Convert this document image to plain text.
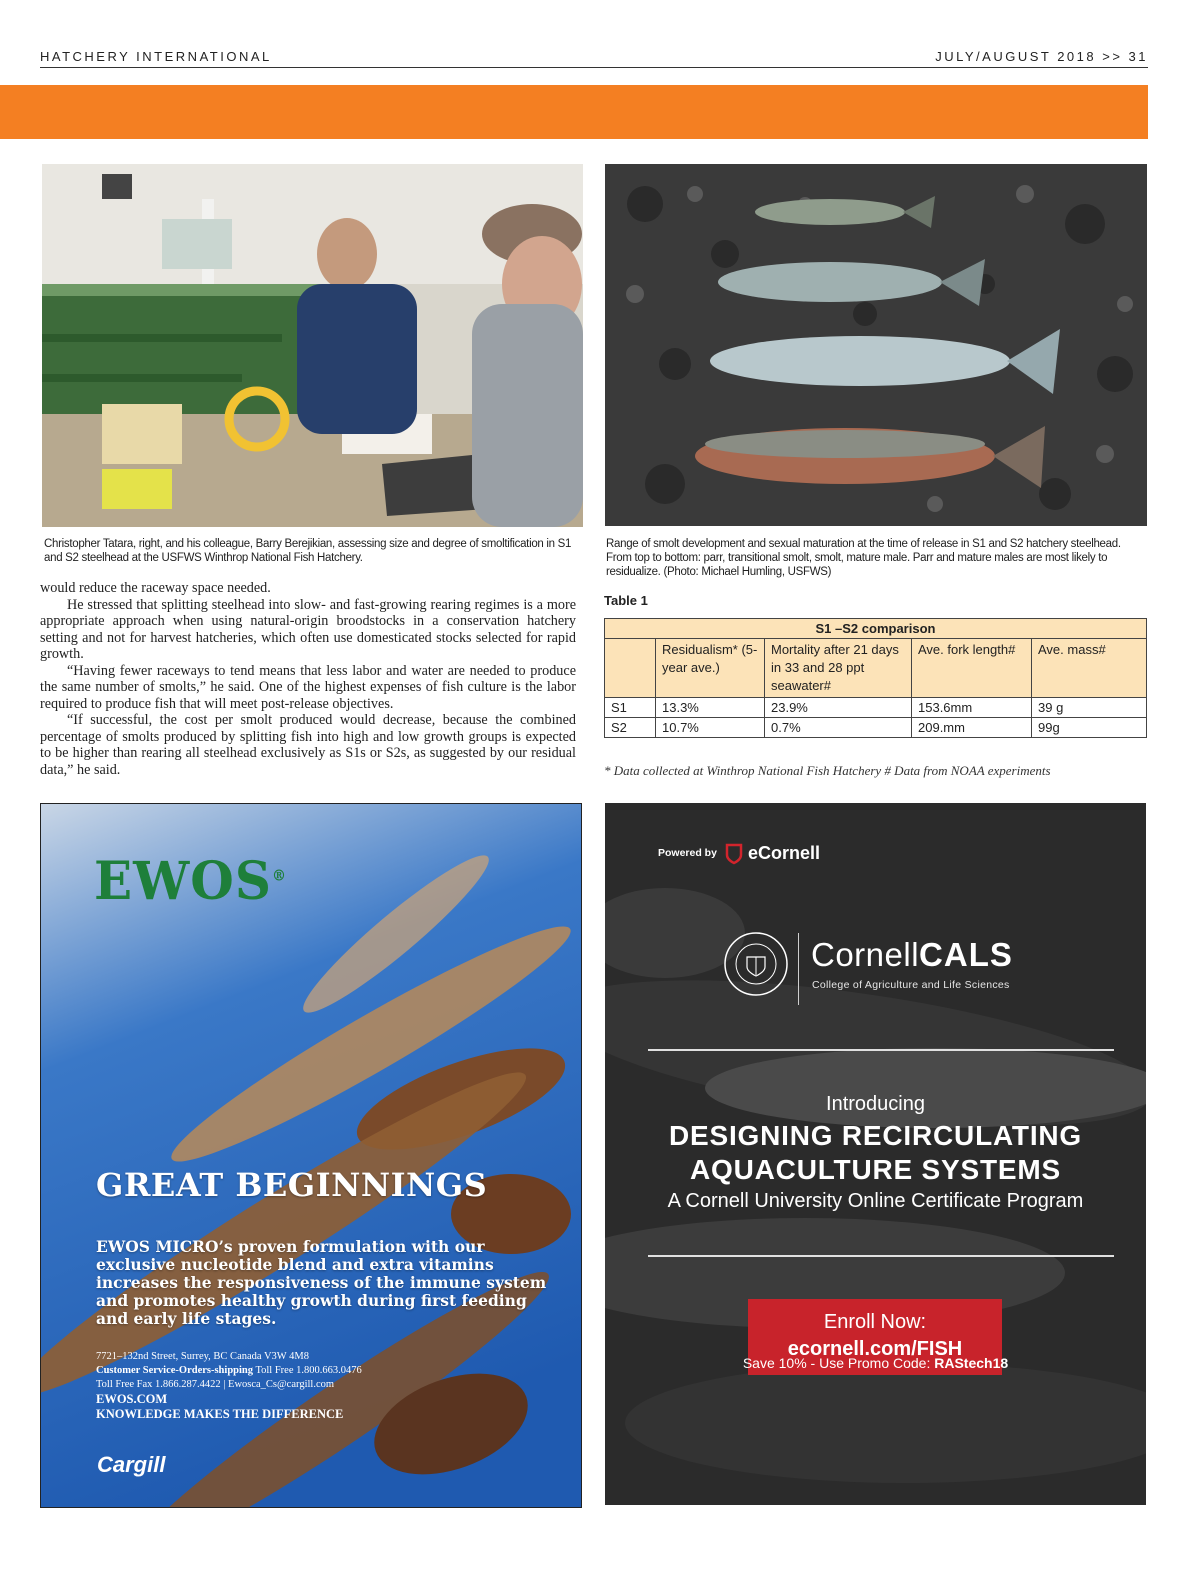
HATCHERY INTERNATIONAL	JULY/AUGUST 2018 >> 31
Christopher Tatara, right, and his colleague, Barry Berejikian, assessing size and degree of smoltification in S1 and S2 steelhead at the USFWS Winthrop National Fish Hatchery.
Range of smolt development and sexual maturation at the time of release in S1 and S2 hatchery steelhead. From top to bottom: parr, transitional smolt, smolt, mature male. Parr and mature males are most likely to residualize. (Photo: Michael Humling, USFWS)

would reduce the raceway space needed.

He stressed that splitting steelhead into slow- and fast-growing rearing regimes is a more appropriate approach when using natural-origin broodstocks in a conservation hatchery setting and not for harvest hatcheries, which often use domesticated stocks selected for rapid growth.

“Having fewer raceways to tend means that less labor and water are needed to produce the same number of smolts,” he said. One of the highest expenses of fish culture is the labor required to produce fish that will meet post-release objectives.

“If successful, the cost per smolt produced would decrease, because the combined percentage of smolts produced by splitting fish into high and low growth groups is expected to be higher than rearing all steelhead exclusively as S1s or S2s, as suggested by our residual data,” he said.

Table 1
S1 –S2 comparison				
	Residualism* (5-year ave.)	Mortality after 21 days in 33 and 28 ppt seawater#	Ave. fork length#	Ave. mass#
S1	13.3%	23.9%	153.6mm	39 g
S2	10.7%	0.7%	209.mm	99g
* Data collected at Winthrop National Fish Hatchery # Data from NOAA experiments
EWOS®
GREAT BEGINNINGS
EWOS MICRO’s proven formulation with our exclusive nucleotide blend and extra vitamins increases the responsiveness of the immune system and promotes healthy growth during first feeding and early life stages.
7721–132nd Street, Surrey, BC Canada V3W 4M8
Customer Service-Orders-shipping Toll Free 1.800.663.0476
Toll Free Fax 1.866.287.4422 | Ewosca_Cs@cargill.com
EWOS.COM
KNOWLEDGE MAKES THE DIFFERENCE
Cargill
Powered by eCornell
CornellCALS
College of Agriculture and Life Sciences
Introducing
DESIGNING RECIRCULATING
AQUACULTURE SYSTEMS
A Cornell University Online Certificate Program
Enroll Now:
ecornell.com/FISH
Save 10% - Use Promo Code: RAStech18
